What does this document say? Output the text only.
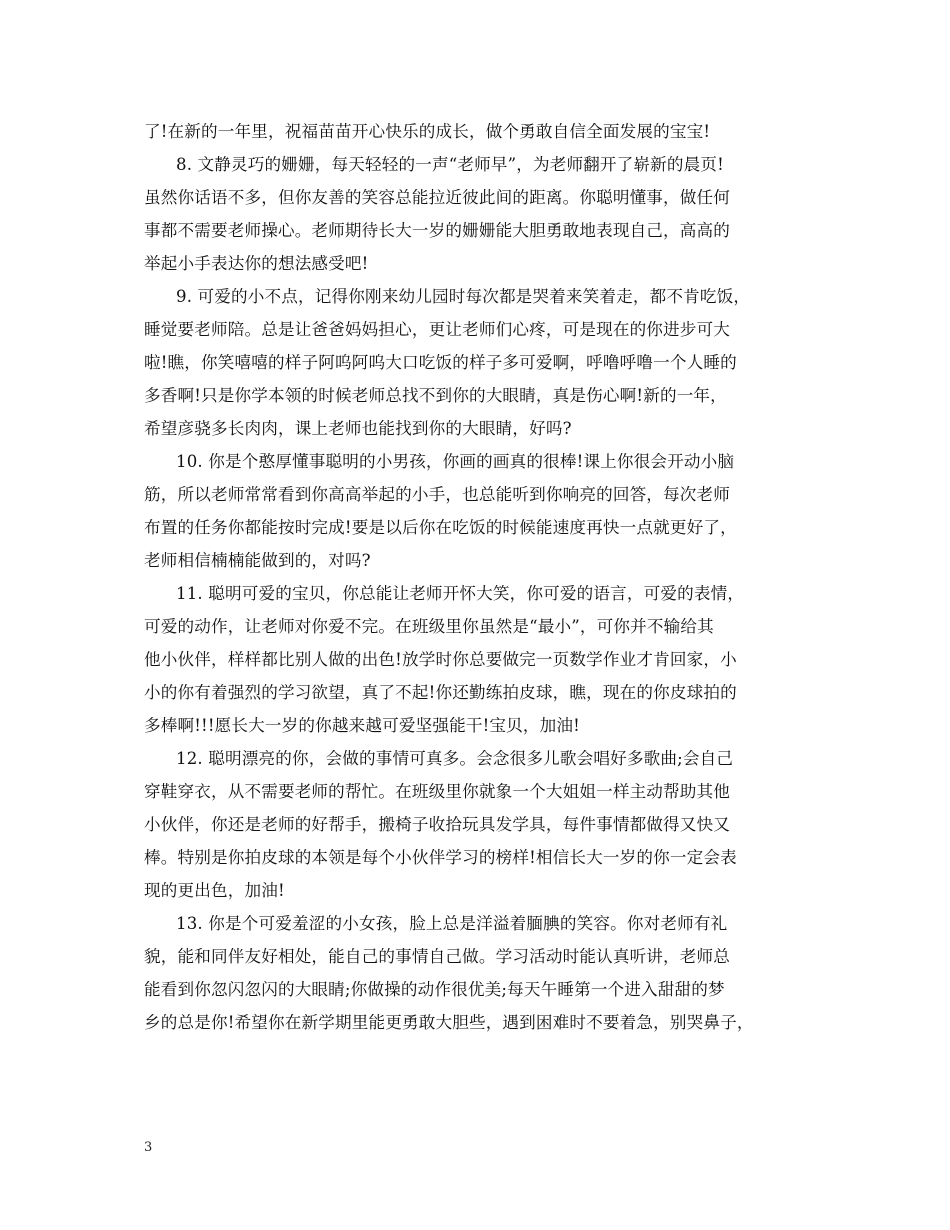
了!在新的一年里，祝福苗苗开心快乐的成长，做个勇敢自信全面发展的宝宝!
8. 文静灵巧的姗姗，每天轻轻的一声“老师早”，为老师翻开了崭新的晨页!
虽然你话语不多，但你友善的笑容总能拉近彼此间的距离。你聪明懂事，做任何
事都不需要老师操心。老师期待长大一岁的姗姗能大胆勇敢地表现自己，高高的
举起小手表达你的想法感受吧!
9. 可爱的小不点，记得你刚来幼儿园时每次都是哭着来笑着走，都不肯吃饭，
睡觉要老师陪。总是让爸爸妈妈担心，更让老师们心疼，可是现在的你进步可大
啦!瞧，你笑嘻嘻的样子阿呜阿呜大口吃饭的样子多可爱啊，呼噜呼噜一个人睡的
多香啊!只是你学本领的时候老师总找不到你的大眼睛，真是伤心啊!新的一年，
希望彦骁多长肉肉，课上老师也能找到你的大眼睛，好吗?
10. 你是个憨厚懂事聪明的小男孩，你画的画真的很棒!课上你很会开动小脑
筋，所以老师常常看到你高高举起的小手，也总能听到你响亮的回答，每次老师
布置的任务你都能按时完成!要是以后你在吃饭的时候能速度再快一点就更好了，
老师相信楠楠能做到的，对吗?
11. 聪明可爱的宝贝，你总能让老师开怀大笑，你可爱的语言，可爱的表情，
可爱的动作，让老师对你爱不完。在班级里你虽然是“最小”，可你并不输给其
他小伙伴，样样都比别人做的出色!放学时你总要做完一页数学作业才肯回家，小
小的你有着强烈的学习欲望，真了不起!你还勤练拍皮球，瞧，现在的你皮球拍的
多棒啊!!!愿长大一岁的你越来越可爱坚强能干!宝贝，加油!
12. 聪明漂亮的你，会做的事情可真多。会念很多儿歌会唱好多歌曲;会自己
穿鞋穿衣，从不需要老师的帮忙。在班级里你就象一个大姐姐一样主动帮助其他
小伙伴，你还是老师的好帮手，搬椅子收拾玩具发学具，每件事情都做得又快又
棒。特别是你拍皮球的本领是每个小伙伴学习的榜样!相信长大一岁的你一定会表
现的更出色，加油!
13. 你是个可爱羞涩的小女孩，脸上总是洋溢着腼腆的笑容。你对老师有礼
貌，能和同伴友好相处，能自己的事情自己做。学习活动时能认真听讲，老师总
能看到你忽闪忽闪的大眼睛;你做操的动作很优美;每天午睡第一个进入甜甜的梦
乡的总是你!希望你在新学期里能更勇敢大胆些，遇到困难时不要着急，别哭鼻子，
3
